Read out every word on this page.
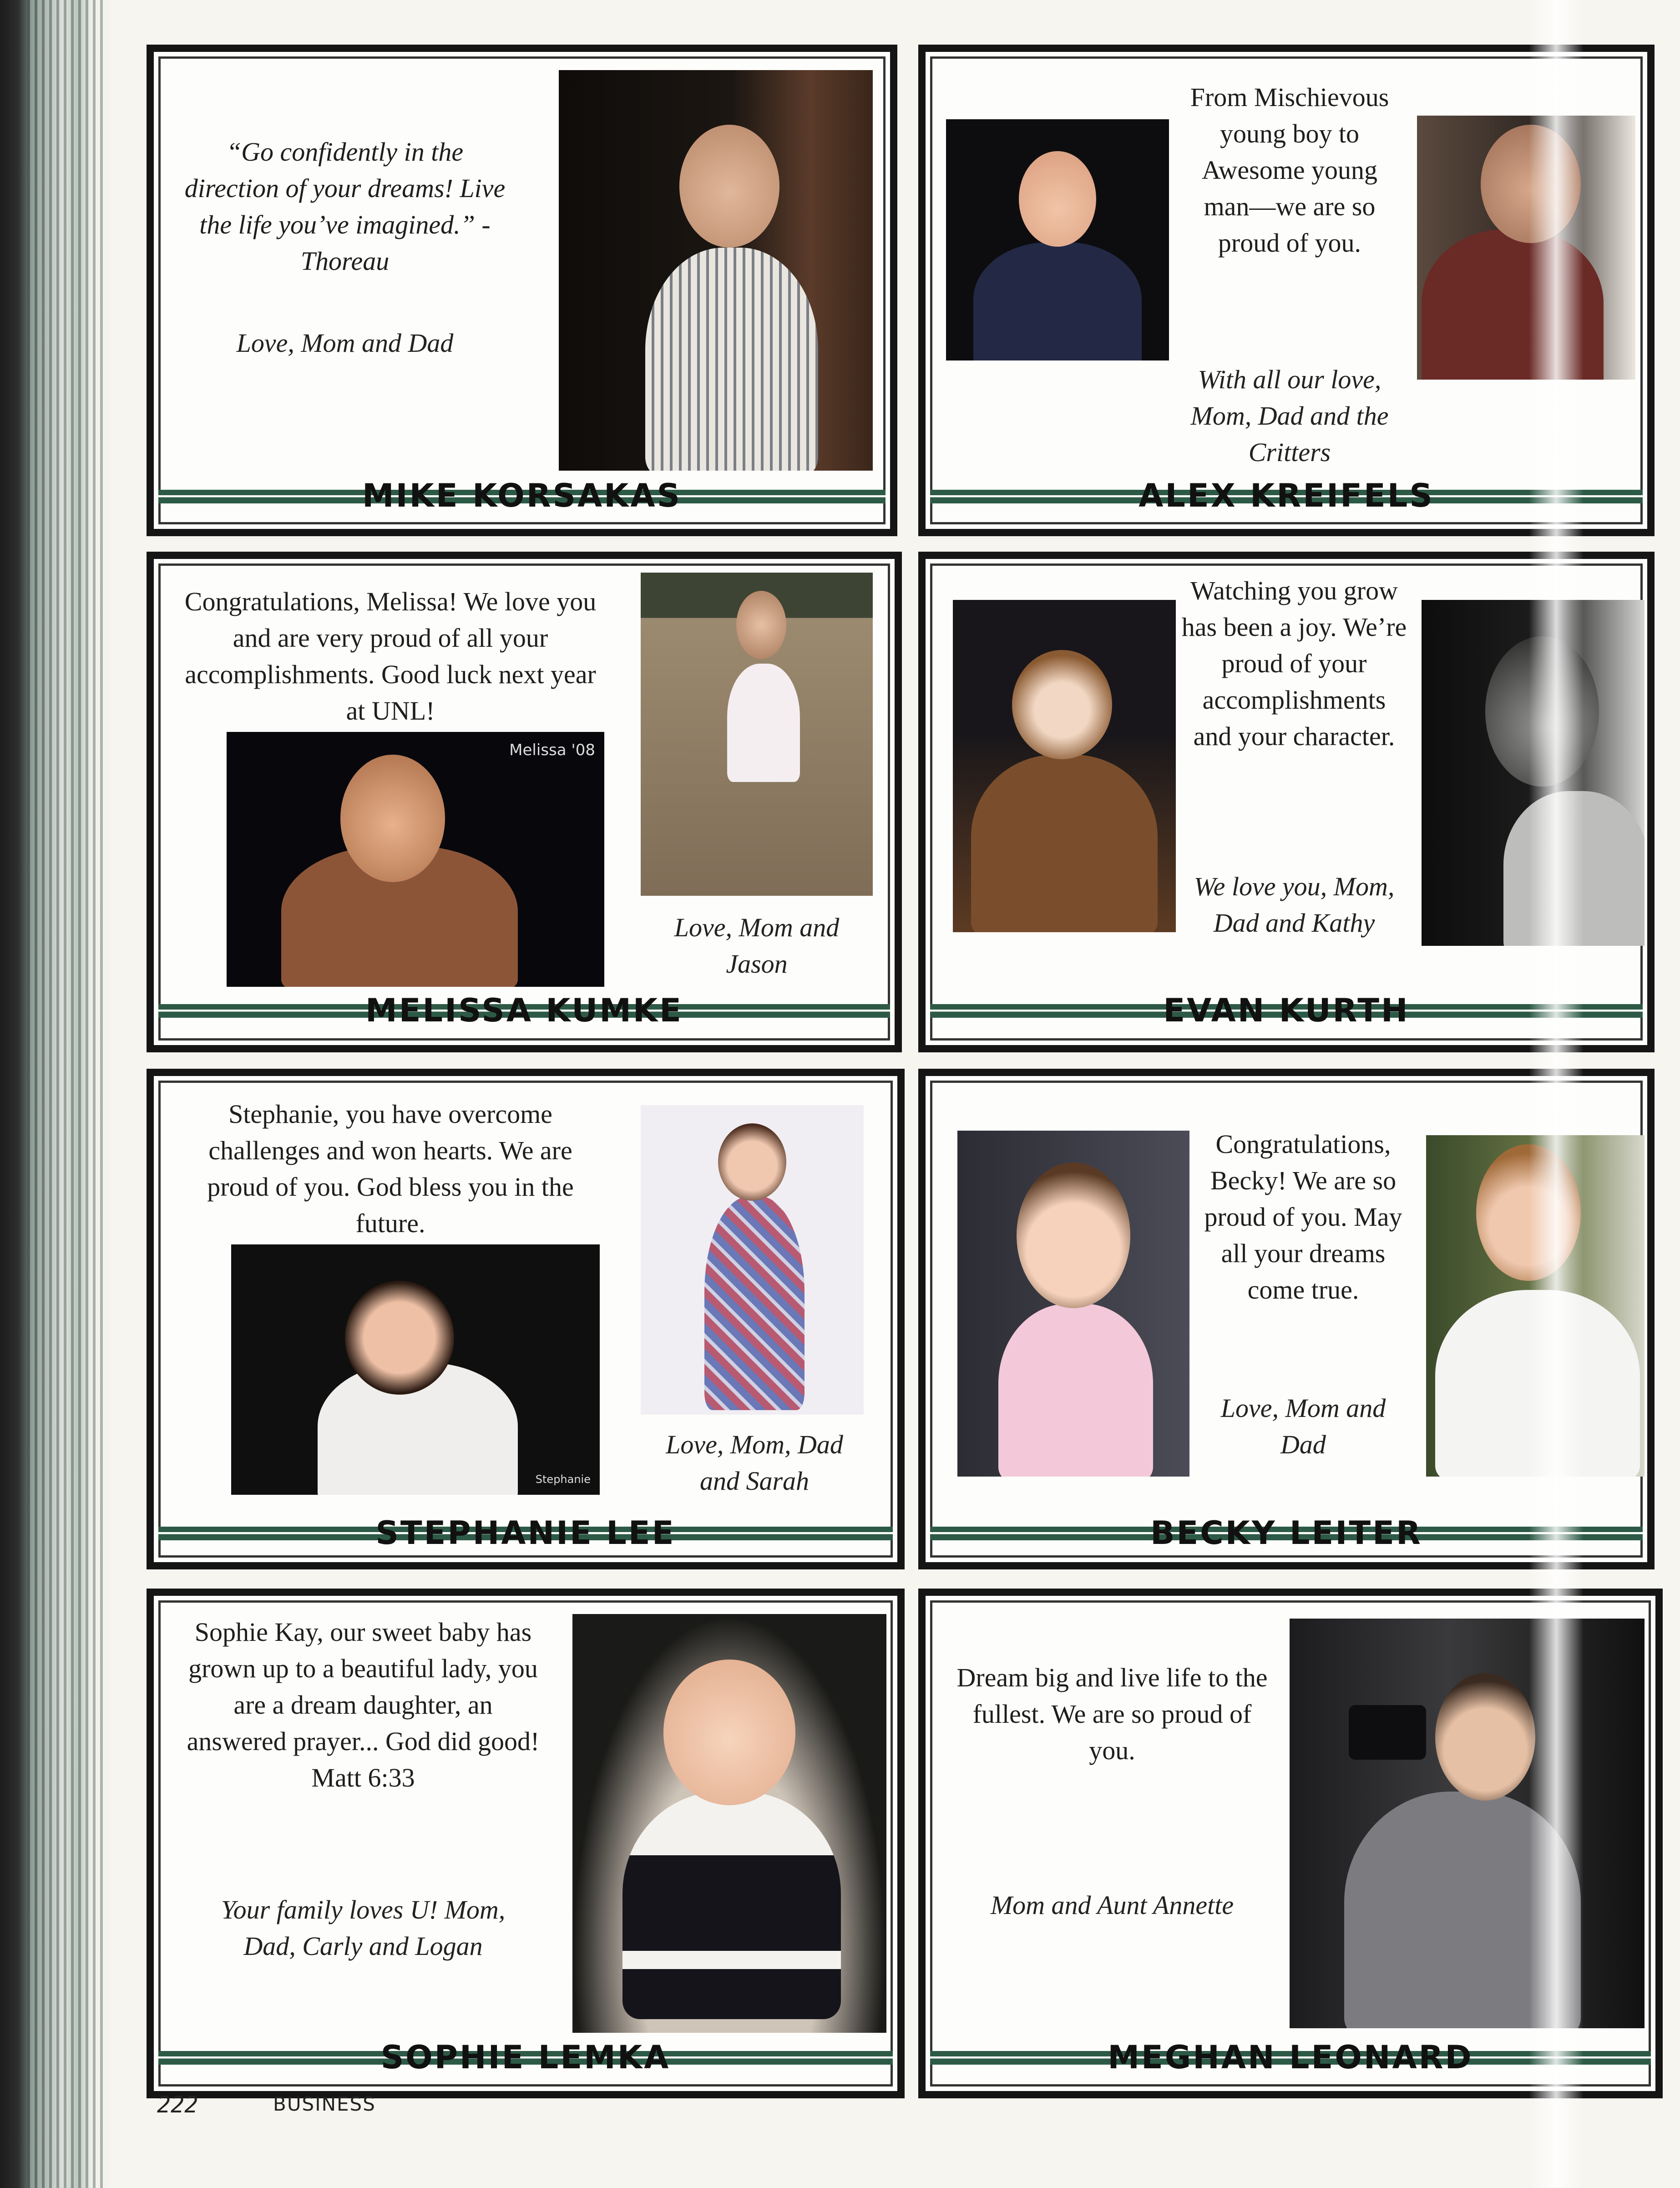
“Go confidently in the direction of your dreams! Live the life you’ve imagined.” -Thoreau
Love, Mom and Dad
MIKE KORSAKAS
From Mischievous young boy to Awesome young man—we are so proud of you.
With all our love, Mom, Dad and the Critters
ALEX KREIFELS
Congratulations, Melissa! We love you and are very proud of all your accomplishments. Good luck next year at UNL!
Melissa '08
Love, Mom and Jason
MELISSA KUMKE
Watching you grow has been a joy. We’re proud of your accomplishments and your character.
We love you, Mom, Dad and Kathy
EVAN KURTH
Stephanie, you have overcome challenges and won hearts. We are proud of you. God bless you in the future.
Stephanie
Love, Mom, Dad and Sarah
STEPHANIE LEE
Congratulations, Becky! We are so proud of you. May all your dreams come true.
Love, Mom and Dad
BECKY LEITER
Sophie Kay, our sweet baby has grown up to a beautiful lady, you are a dream daughter, an answered prayer... God did good! Matt 6:33
Your family loves U! Mom, Dad, Carly and Logan
SOPHIE LEMKA
Dream big and live life to the fullest. We are so proud of you.
Mom and Aunt Annette
MEGHAN LEONARD
222	BUSINESS
